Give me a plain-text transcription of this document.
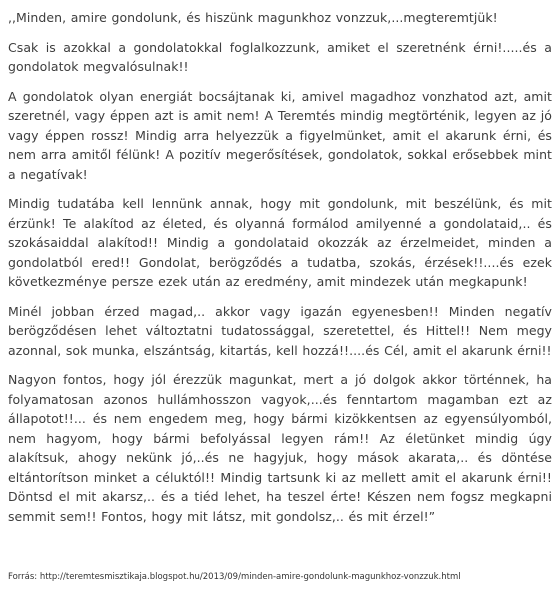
,,Minden, amire gondolunk, és hiszünk magunkhoz vonzzuk,...megteremtjük!

Csak is azokkal a gondolatokkal foglalkozzunk, amiket el szeretnénk érni!.....és a gondolatok megvalósulnak!!

A gondolatok olyan energiát bocsájtanak ki, amivel magadhoz vonzhatod azt, amit szeretnél, vagy éppen azt is amit nem! A Teremtés mindig megtörténik, legyen az jó vagy éppen rossz! Mindig arra helyezzük a figyelmünket, amit el akarunk érni, és nem arra amitől félünk! A pozitív megerősítések, gondolatok, sokkal erősebbek mint a negatívak!

Mindig tudatába kell lennünk annak, hogy mit gondolunk, mit beszélünk, és mit érzünk! Te alakítod az életed, és olyanná formálod amilyenné a gondolataid,.. és szokásaiddal alakítod!! Mindig a gondolataid okozzák az érzelmeidet, minden a gondolatból ered!! Gondolat, berögződés a tudatba, szokás, érzések!!....és ezek következménye persze ezek után az eredmény, amit mindezek után megkapunk!

Minél jobban érzed magad,.. akkor vagy igazán egyenesben!! Minden negatív berögződésen lehet változtatni tudatossággal, szeretettel, és Hittel!! Nem megy azonnal, sok munka, elszántság, kitartás, kell hozzá!!....és Cél, amit el akarunk érni!!

Nagyon fontos, hogy jól érezzük magunkat, mert a jó dolgok akkor történnek, ha folyamatosan azonos hullámhosszon vagyok,...és fenntartom magamban ezt az állapotot!!... és nem engedem meg, hogy bármi kizökkentsen az egyensúlyomból, nem hagyom, hogy bármi befolyással legyen rám!! Az életünket mindig úgy alakítsuk, ahogy nekünk jó,..és ne hagyjuk, hogy mások akarata,.. és döntése eltántorítson minket a céluktól!! Mindig tartsunk ki az mellett amit el akarunk érni!! Döntsd el mit akarsz,.. és a tiéd lehet, ha teszel érte! Készen nem fogsz megkapni semmit sem!! Fontos, hogy mit látsz, mit gondolsz,.. és mit érzel!”

Forrás: http://teremtesmisztikaja.blogspot.hu/2013/09/minden-amire-gondolunk-magunkhoz-vonzzuk.html
